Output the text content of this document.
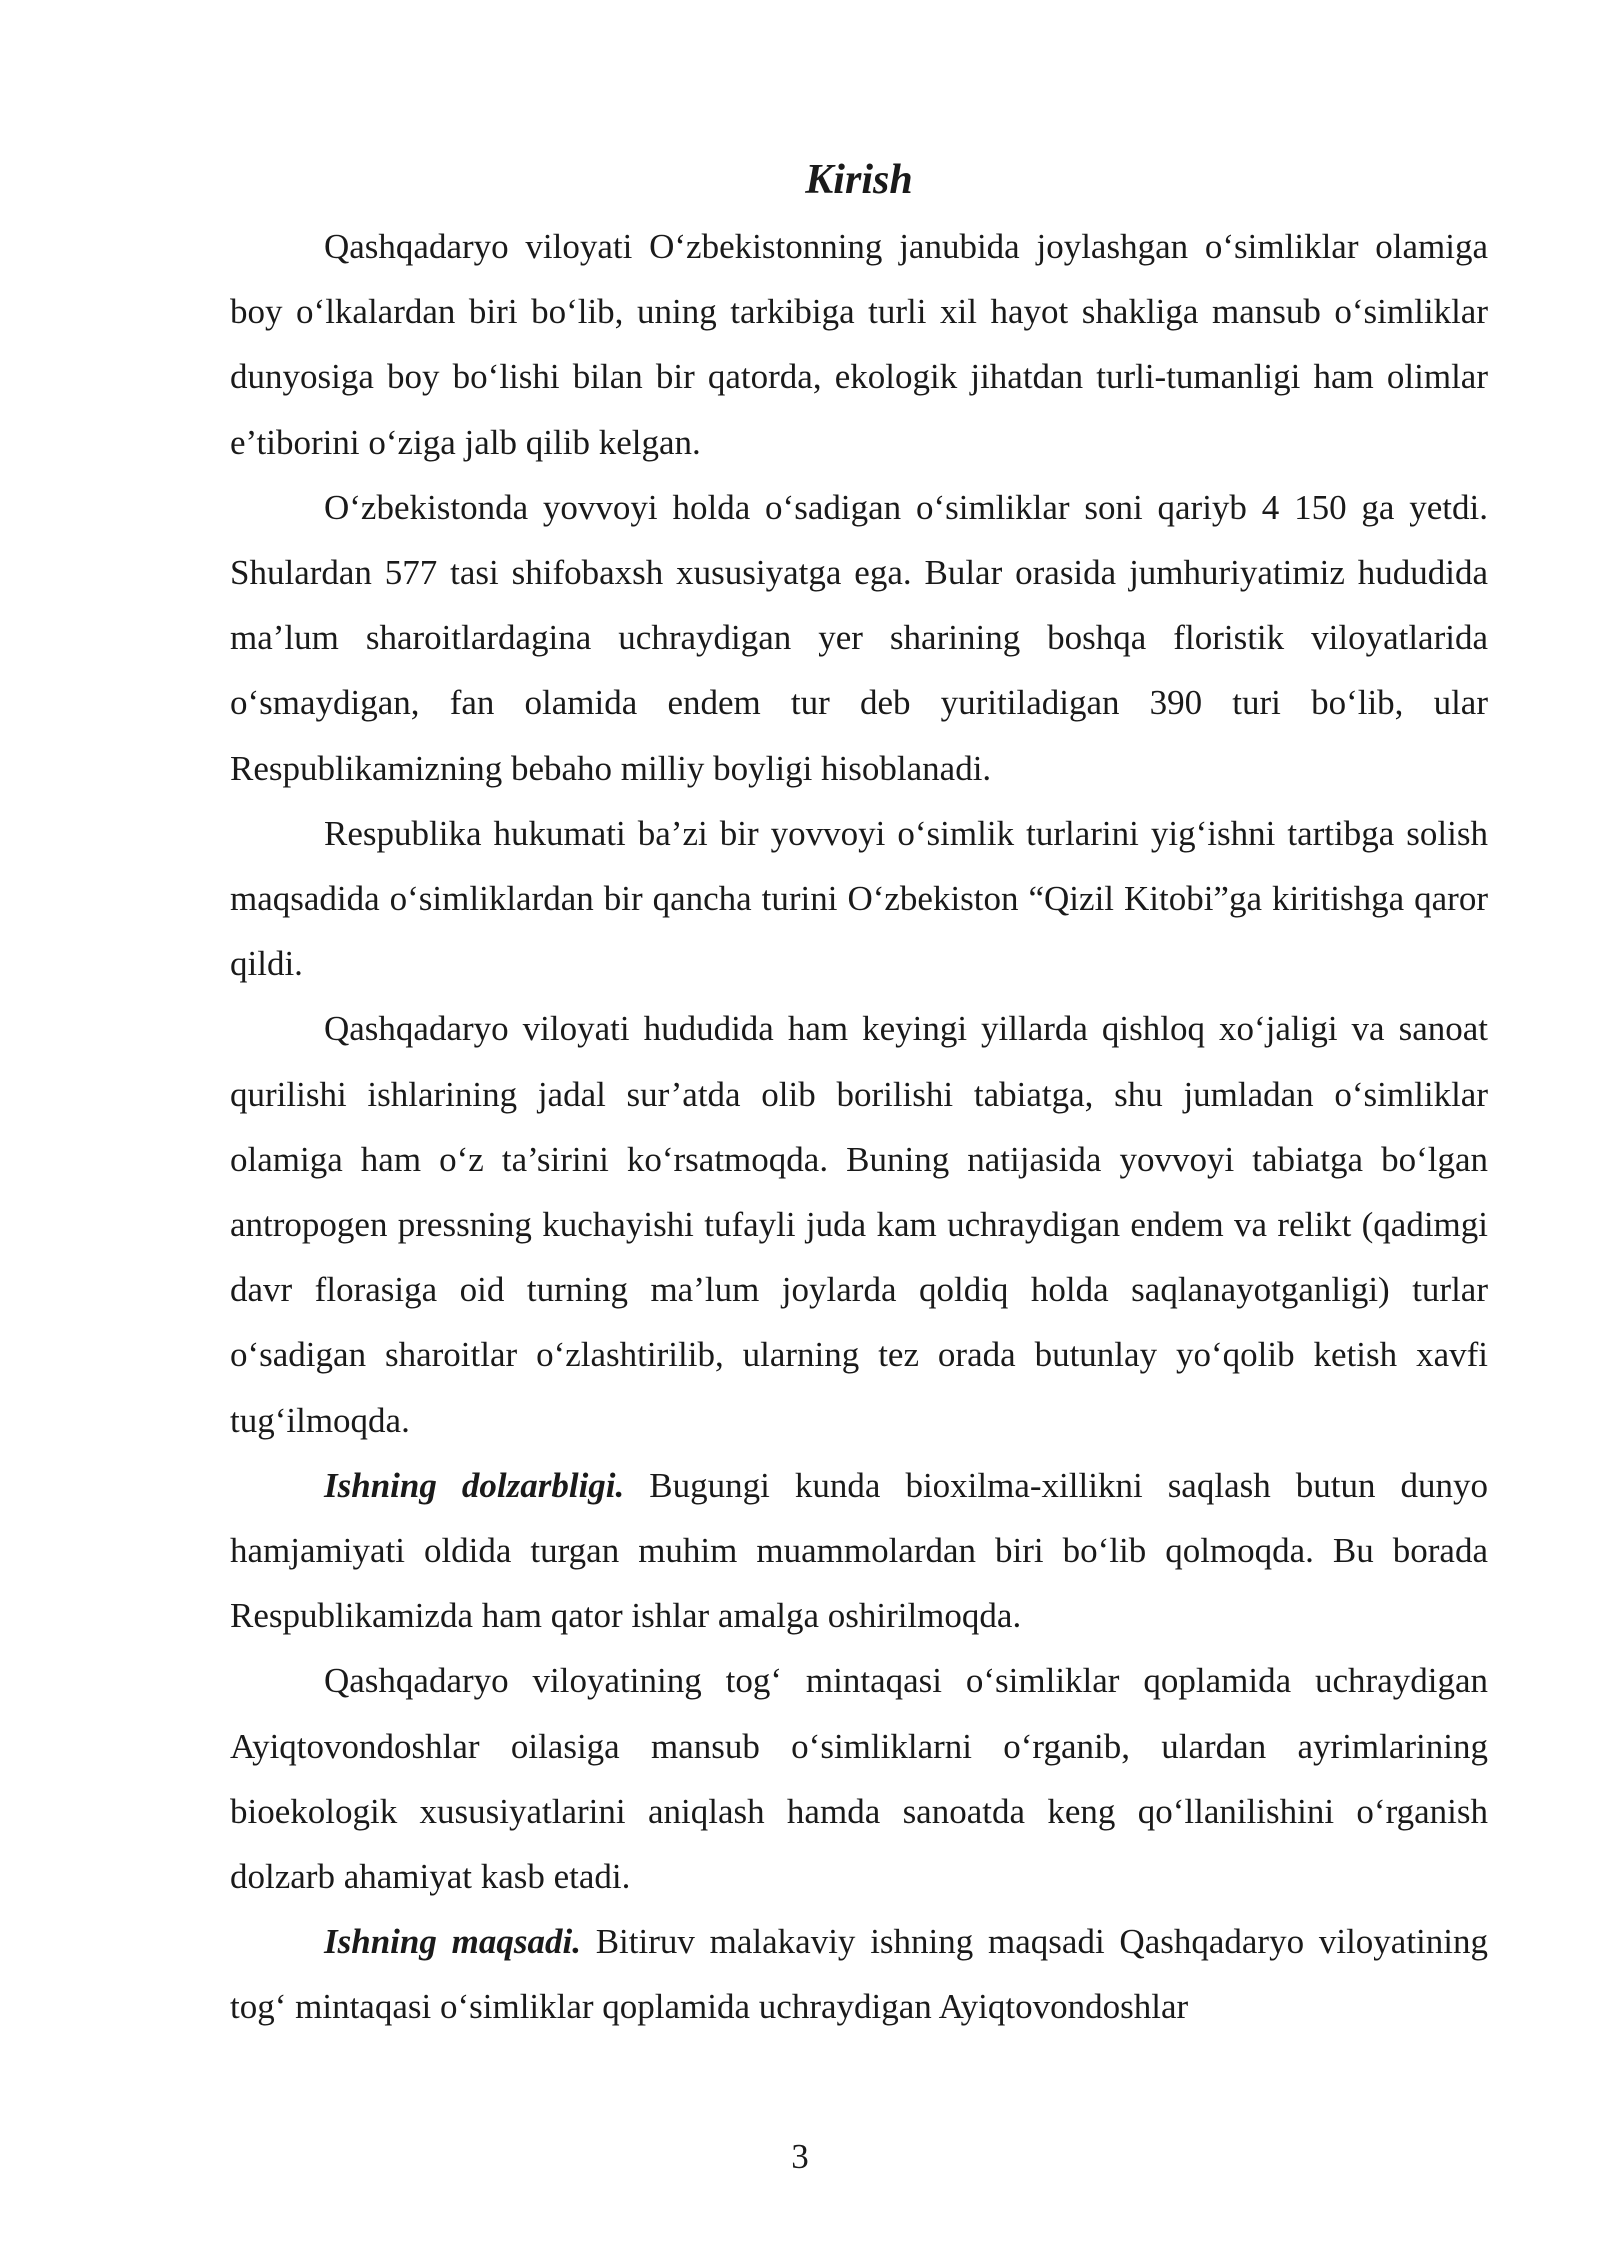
Kirish

Qashqadaryo viloyati O‘zbekistonning janubida joylashgan o‘simliklar olamiga boy o‘lkalardan biri bo‘lib, uning tarkibiga turli xil hayot shakliga mansub o‘simliklar dunyosiga boy bo‘lishi bilan bir qatorda, ekologik jihatdan turli-tumanligi ham olimlar e’tiborini o‘ziga jalb qilib kelgan.

O‘zbekistonda yovvoyi holda o‘sadigan o‘simliklar soni qariyb 4 150 ga yetdi. Shulardan 577 tasi shifobaxsh xususiyatga ega. Bular orasida jumhuriyatimiz hududida ma’lum sharoitlardagina uchraydigan yer sharining boshqa floristik viloyatlarida o‘smaydigan, fan olamida endem tur deb yuritiladigan 390 turi bo‘lib, ular Respublikamizning bebaho milliy boyligi hisoblanadi.

Respublika hukumati ba’zi bir yovvoyi o‘simlik turlarini yig‘ishni tartibga solish maqsadida o‘simliklardan bir qancha turini O‘zbekiston “Qizil Kitobi”ga kiritishga qaror qildi.

Qashqadaryo viloyati hududida ham keyingi yillarda qishloq xo‘jaligi va sanoat qurilishi ishlarining jadal sur’atda olib borilishi tabiatga, shu jumladan o‘simliklar olamiga ham o‘z ta’sirini ko‘rsatmoqda. Buning natijasida yovvoyi tabiatga bo‘lgan antropogen pressning kuchayishi tufayli juda kam uchraydigan endem va relikt (qadimgi davr florasiga oid turning ma’lum joylarda qoldiq holda saqlanayotganligi) turlar o‘sadigan sharoitlar o‘zlashtirilib, ularning tez orada butunlay yo‘qolib ketish xavfi tug‘ilmoqda.

Ishning dolzarbligi. Bugungi kunda bioxilma-xillikni saqlash butun dunyo hamjamiyati oldida turgan muhim muammolardan biri bo‘lib qolmoqda. Bu borada Respublikamizda ham qator ishlar amalga oshirilmoqda.

Qashqadaryo viloyatining tog‘ mintaqasi o‘simliklar qoplamida uchraydigan Ayiqtovondoshlar oilasiga mansub o‘simliklarni o‘rganib, ulardan ayrimlarining bioekologik xususiyatlarini aniqlash hamda sanoatda keng qo‘llanilishini o‘rganish dolzarb ahamiyat kasb etadi.

Ishning maqsadi. Bitiruv malakaviy ishning maqsadi Qashqadaryo viloyatining tog‘ mintaqasi o‘simliklar qoplamida uchraydigan Ayiqtovondoshlar

3
